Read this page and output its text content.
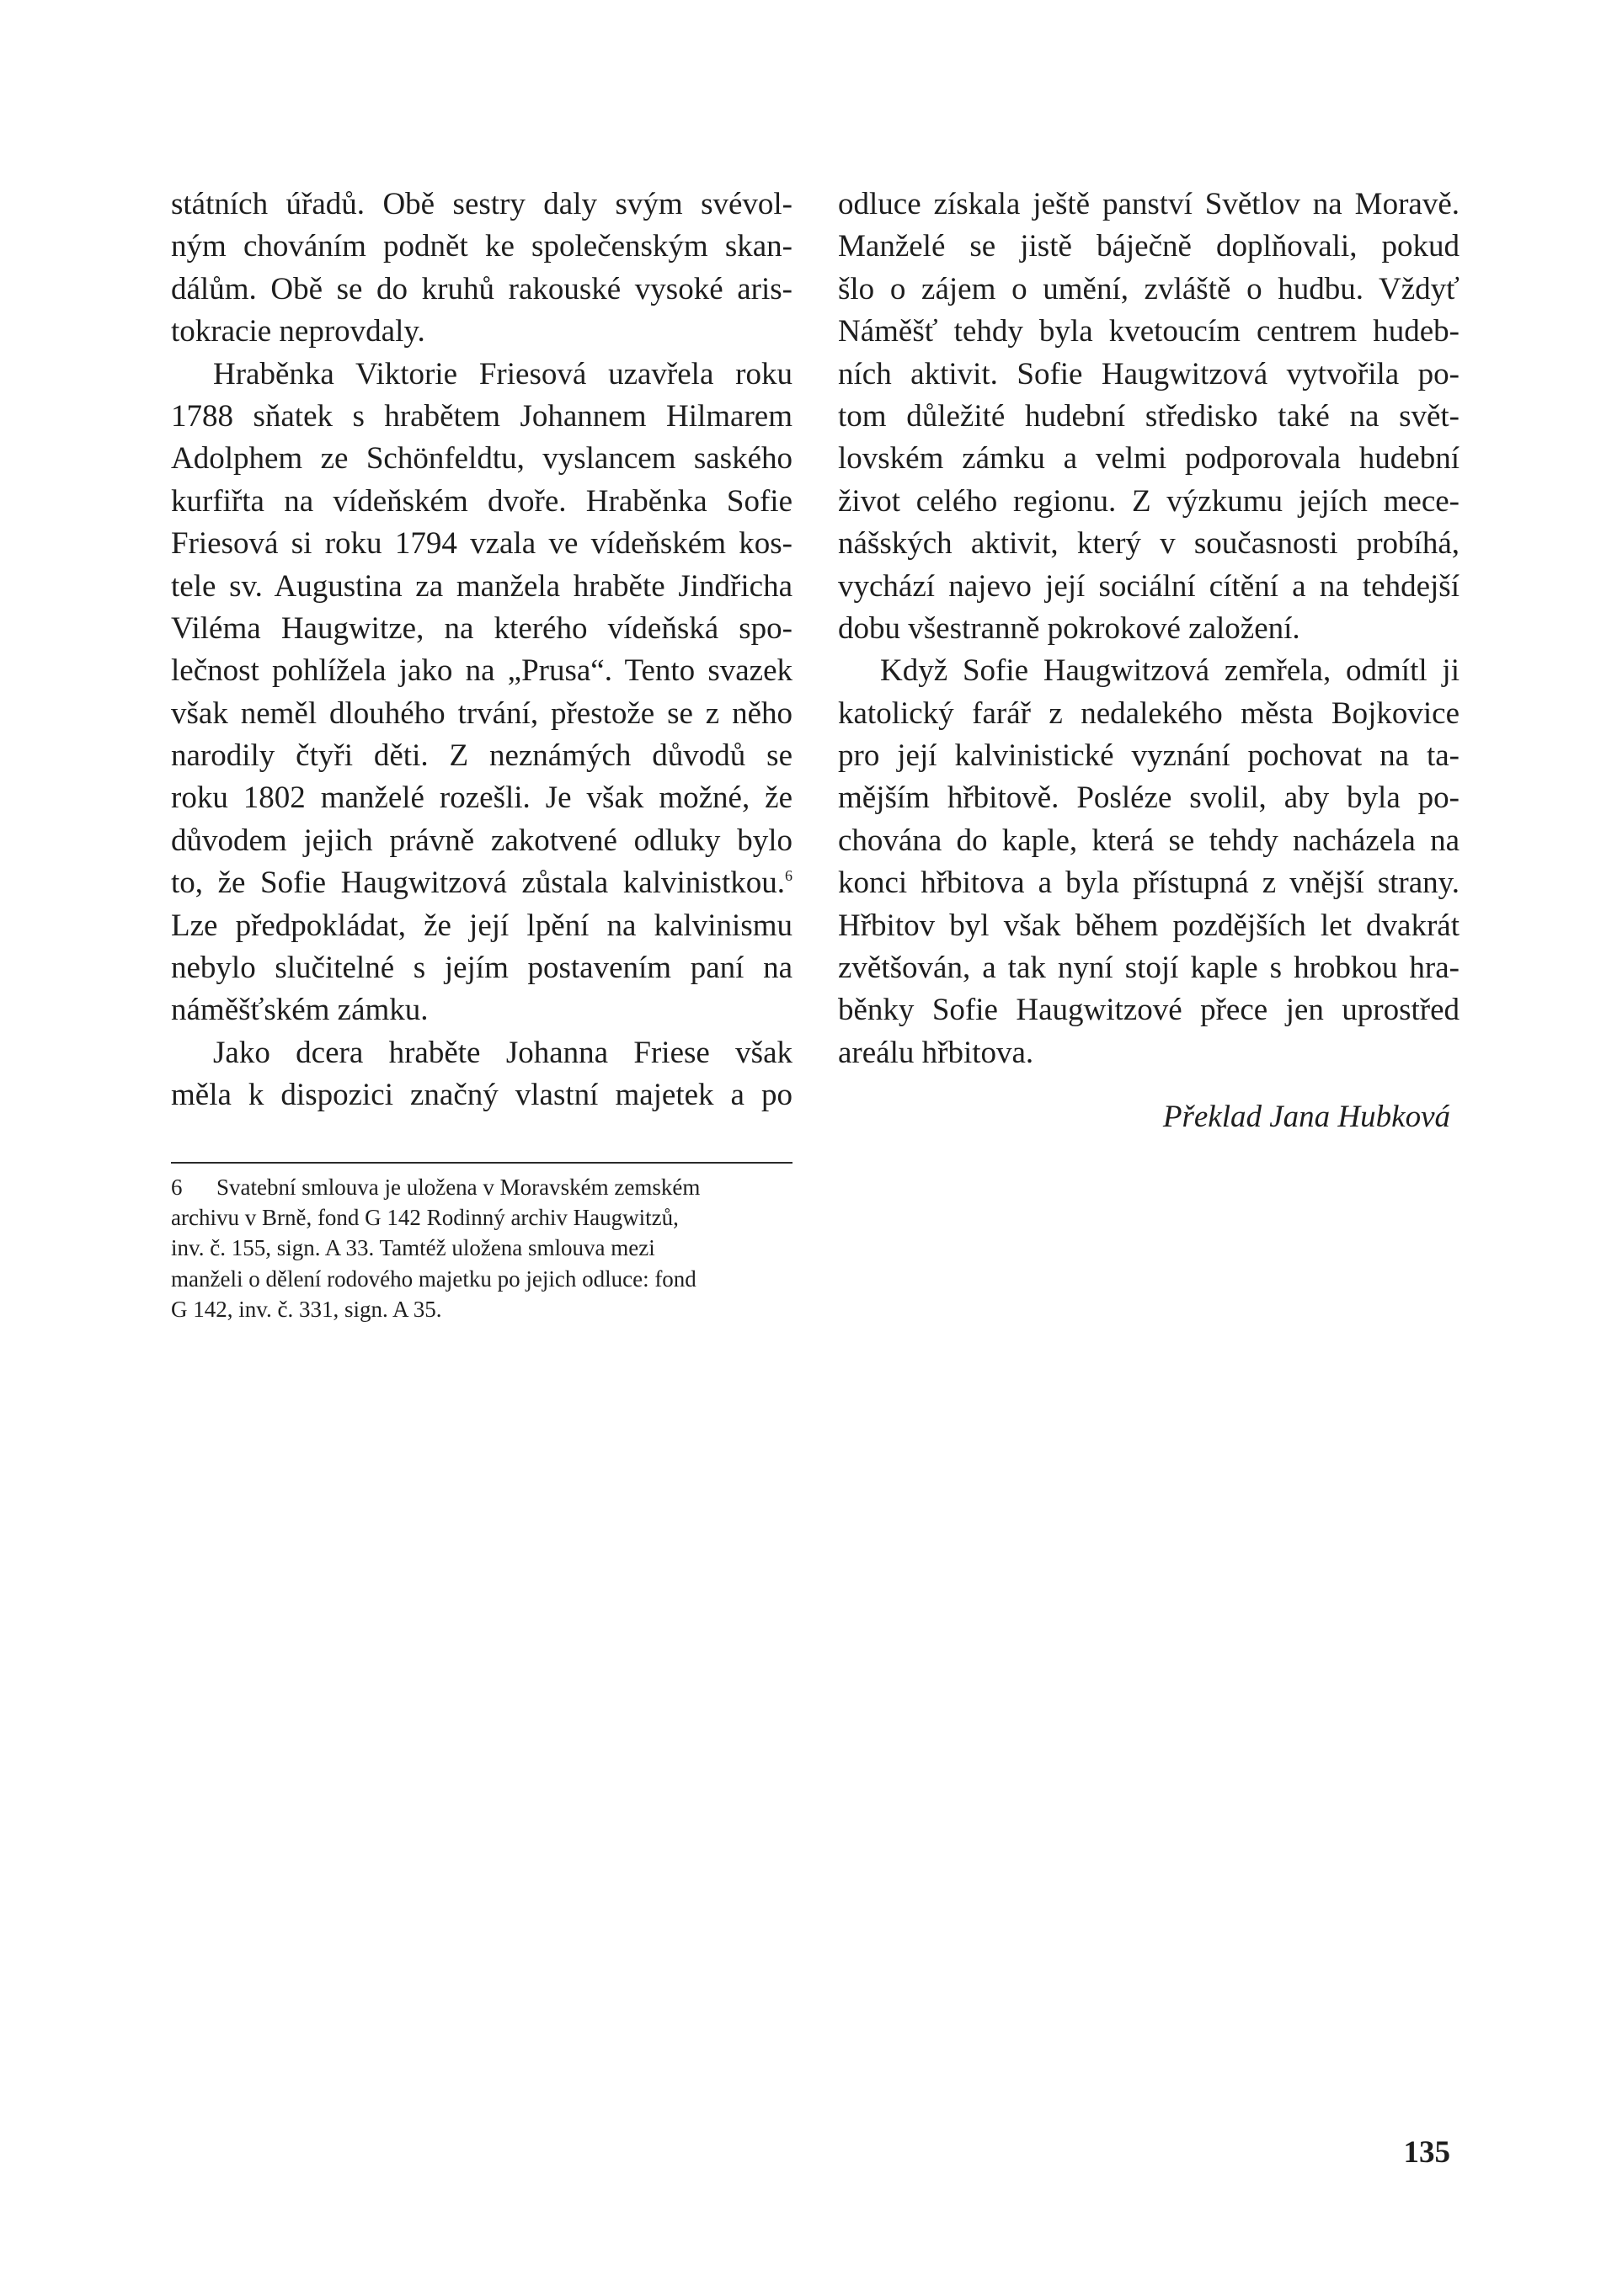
státních úřadů. Obě sestry daly svým svévol-
ným chováním podnět ke společenským skan-
dálům. Obě se do kruhů rakouské vysoké aris-
tokracie neprovdaly.
Hraběnka Viktorie Friesová uzavřela roku
1788 sňatek s hrabětem Johannem Hilmarem
Adolphem ze Schönfeldtu, vyslancem saského
kurfiřta na vídeňském dvoře. Hraběnka Sofie
Friesová si roku 1794 vzala ve vídeňském kos-
tele sv. Augustina za manžela hraběte Jindřicha
Viléma Haugwitze, na kterého vídeňská spo-
lečnost pohlížela jako na „Prusa“. Tento svazek
však neměl dlouhého trvání, přestože se z něho
narodily čtyři děti. Z neznámých důvodů se
roku 1802 manželé rozešli. Je však možné, že
důvodem jejich právně zakotvené odluky bylo
to, že Sofie Haugwitzová zůstala kalvinistkou.$^6$
Lze předpokládat, že její lpění na kalvinismu
nebylo slučitelné s jejím postavením paní na
náměšťském zámku.
Jako dcera hraběte Johanna Friese však
měla k dispozici značný vlastní majetek a po
odluce získala ještě panství Světlov na Moravě.
Manželé se jistě báječně doplňovali, pokud
šlo o zájem o umění, zvláště o hudbu. Vždyť
Náměšť tehdy byla kvetoucím centrem hudeb-
ních aktivit. Sofie Haugwitzová vytvořila po-
tom důležité hudební středisko také na svět-
lovském zámku a velmi podporovala hudební
život celého regionu. Z výzkumu jejích mece-
nášských aktivit, který v současnosti probíhá,
vychází najevo její sociální cítění a na tehdejší
dobu všestranně pokrokové založení.
Když Sofie Haugwitzová zemřela, odmítl ji
katolický farář z nedalekého města Bojkovice
pro její kalvinistické vyznání pochovat na ta-
mějším hřbitově. Posléze svolil, aby byla po-
chována do kaple, která se tehdy nacházela na
konci hřbitova a byla přístupná z vnější strany.
Hřbitov byl však během pozdějších let dvakrát
zvětšován, a tak nyní stojí kaple s hrobkou hra-
běnky Sofie Haugwitzové přece jen uprostřed
areálu hřbitova.
Překlad Jana Hubková
6 Svatební smlouva je uložena v Moravském zemském
archivu v Brně, fond G 142 Rodinný archiv Haugwitzů,
inv. č. 155, sign. A 33. Tamtéž uložena smlouva mezi
manželi o dělení rodového majetku po jejich odluce: fond
G 142, inv. č. 331, sign. A 35.
135
